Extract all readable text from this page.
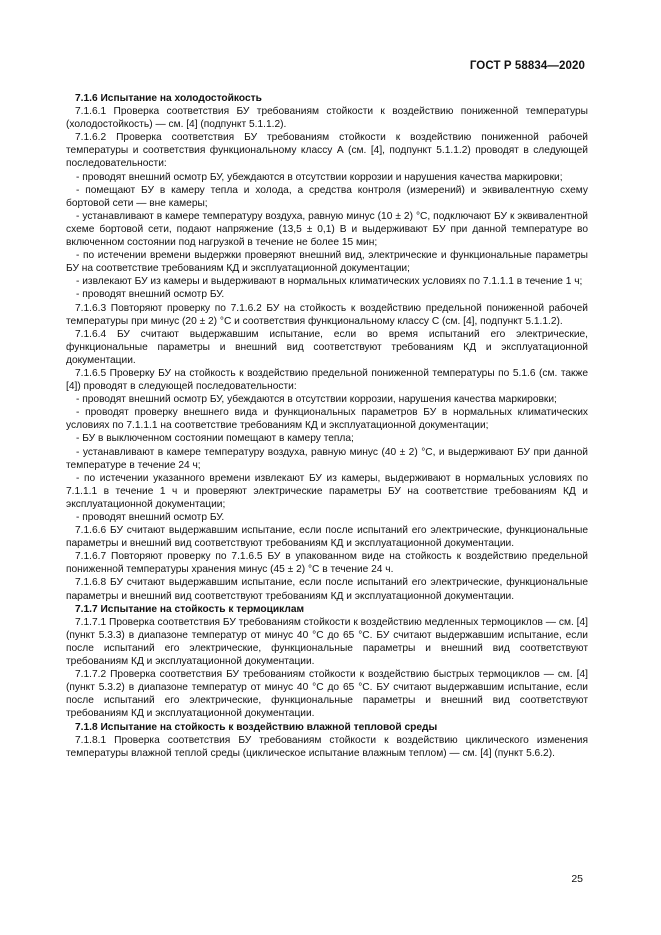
ГОСТ Р 58834—2020

7.1.6 Испытание на холодостойкость

7.1.6.1 Проверка соответствия БУ требованиям стойкости к воздействию пониженной температуры (холодостойкость) — см. [4] (подпункт 5.1.1.2).

7.1.6.2 Проверка соответствия БУ требованиям стойкости к воздействию пониженной рабочей температуры и соответствия функциональному классу А (см. [4], подпункт 5.1.1.2) проводят в следующей последовательности:

- проводят внешний осмотр БУ, убеждаются в отсутствии коррозии и нарушения качества маркировки;

- помещают БУ в камеру тепла и холода, а средства контроля (измерений) и эквивалентную схему бортовой сети — вне камеры;

- устанавливают в камере температуру воздуха, равную минус (10 ± 2) °С, подключают БУ к эквивалентной схеме бортовой сети, подают напряжение (13,5 ± 0,1) В и выдерживают БУ при данной температуре во включенном состоянии под нагрузкой в течение не более 15 мин;

- по истечении времени выдержки проверяют внешний вид, электрические и функциональные параметры БУ на соответствие требованиям КД и эксплуатационной документации;

- извлекают БУ из камеры и выдерживают в нормальных климатических условиях по 7.1.1.1 в течение 1 ч;

- проводят внешний осмотр БУ.

7.1.6.3 Повторяют проверку по 7.1.6.2 БУ на стойкость к воздействию предельной пониженной рабочей температуры при минус (20 ± 2) °С и соответствия функциональному классу С (см. [4], подпункт 5.1.1.2).

7.1.6.4 БУ считают выдержавшим испытание, если во время испытаний его электрические, функциональные параметры и внешний вид соответствуют требованиям КД и эксплуатационной документации.

7.1.6.5 Проверку БУ на стойкость к воздействию предельной пониженной температуры по 5.1.6 (см. также [4]) проводят в следующей последовательности:

- проводят внешний осмотр БУ, убеждаются в отсутствии коррозии, нарушения качества маркировки;

- проводят проверку внешнего вида и функциональных параметров БУ в нормальных климатических условиях по 7.1.1.1 на соответствие требованиям КД и эксплуатационной документации;

- БУ в выключенном состоянии помещают в камеру тепла;

- устанавливают в камере температуру воздуха, равную минус (40 ± 2) °С, и выдерживают БУ при данной температуре в течение 24 ч;

- по истечении указанного времени извлекают БУ из камеры, выдерживают в нормальных условиях по 7.1.1.1 в течение 1 ч и проверяют электрические параметры БУ на соответствие требованиям КД и эксплуатационной документации;

- проводят внешний осмотр БУ.

7.1.6.6 БУ считают выдержавшим испытание, если после испытаний его электрические, функциональные параметры и внешний вид соответствуют требованиям КД и эксплуатационной документации.

7.1.6.7 Повторяют проверку по 7.1.6.5 БУ в упакованном виде на стойкость к воздействию предельной пониженной температуры хранения минус (45 ± 2) °С в течение 24 ч.

7.1.6.8 БУ считают выдержавшим испытание, если после испытаний его электрические, функциональные параметры и внешний вид соответствуют требованиям КД и эксплуатационной документации.

7.1.7 Испытание на стойкость к термоциклам

7.1.7.1 Проверка соответствия БУ требованиям стойкости к воздействию медленных термоциклов — см. [4] (пункт 5.3.3) в диапазоне температур от минус 40 °С до 65 °С. БУ считают выдержавшим испытание, если после испытаний его электрические, функциональные параметры и внешний вид соответствуют требованиям КД и эксплуатационной документации.

7.1.7.2 Проверка соответствия БУ требованиям стойкости к воздействию быстрых термоциклов — см. [4] (пункт 5.3.2) в диапазоне температур от минус 40 °С до 65 °С. БУ считают выдержавшим испытание, если после испытаний его электрические, функциональные параметры и внешний вид соответствуют требованиям КД и эксплуатационной документации.

7.1.8 Испытание на стойкость к воздействию влажной тепловой среды

7.1.8.1 Проверка соответствия БУ требованиям стойкости к воздействию циклического изменения температуры влажной теплой среды (циклическое испытание влажным теплом) — см. [4] (пункт 5.6.2).

25
